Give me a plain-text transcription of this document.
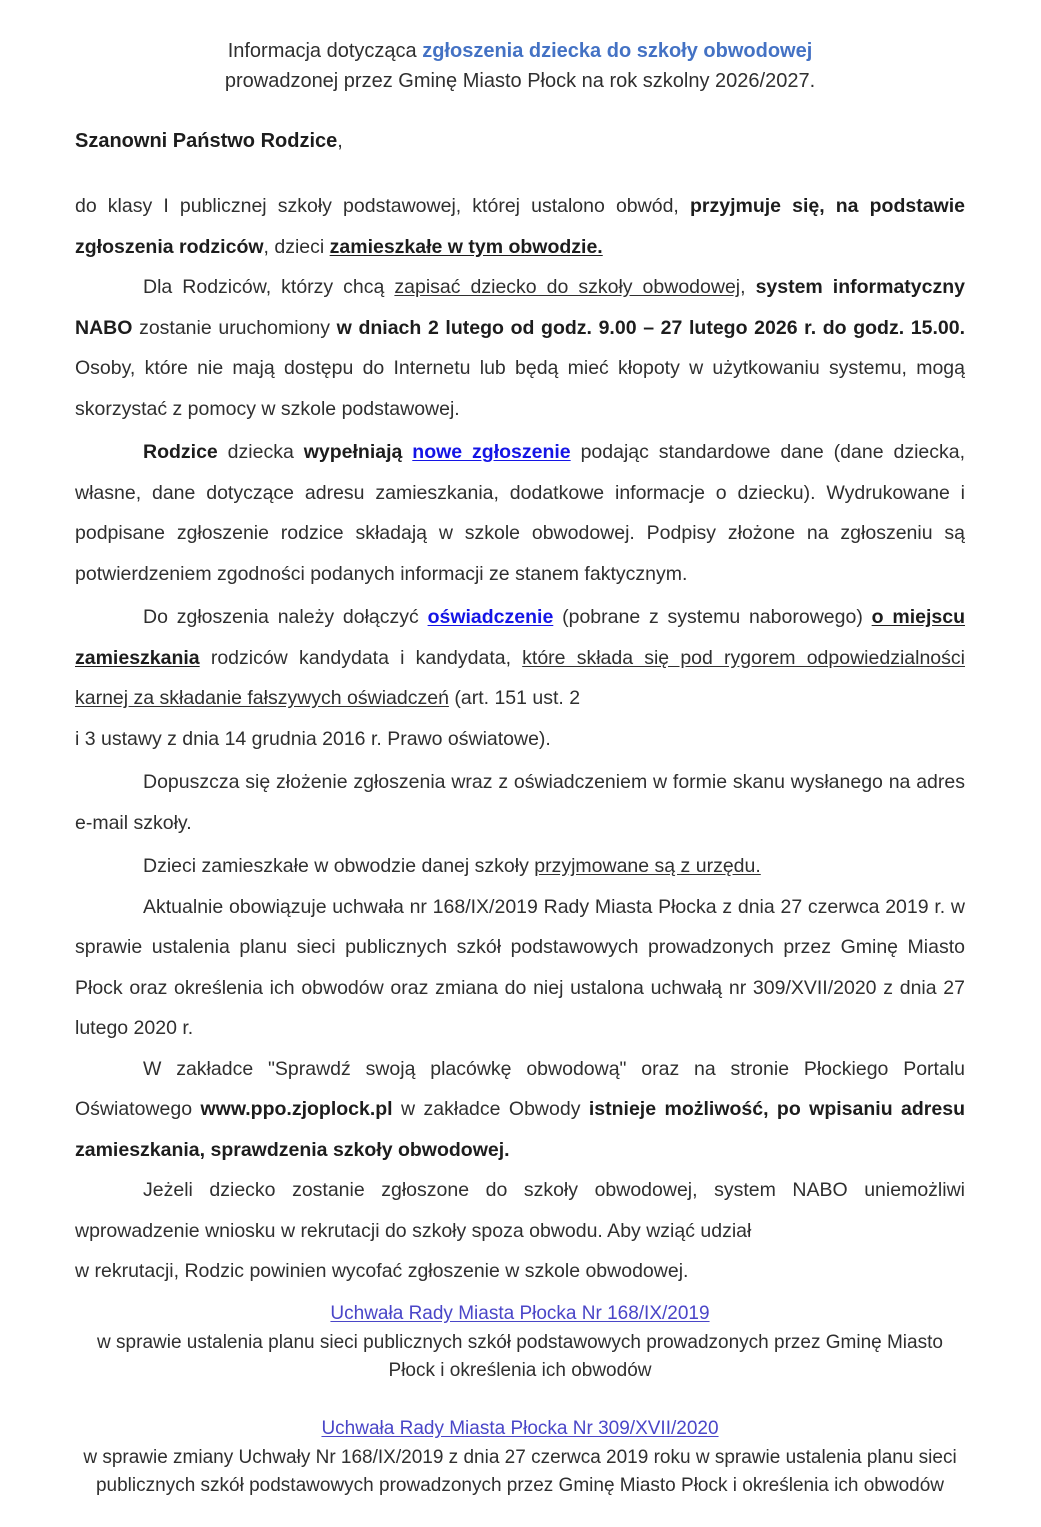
Informacja dotycząca zgłoszenia dziecka do szkoły obwodowej
prowadzonej przez Gminę Miasto Płock na rok szkolny 2026/2027.

Szanowni Państwo Rodzice,

do klasy I publicznej szkoły podstawowej, której ustalono obwód, przyjmuje się, na podstawie zgłoszenia rodziców, dzieci zamieszkałe w tym obwodzie.

Dla Rodziców, którzy chcą zapisać dziecko do szkoły obwodowej, system informatyczny NABO zostanie uruchomiony w dniach 2 lutego od godz. 9.00 – 27 lutego 2026 r. do godz. 15.00. Osoby, które nie mają dostępu do Internetu lub będą mieć kłopoty w użytkowaniu systemu, mogą skorzystać z pomocy w szkole podstawowej.

Rodzice dziecka wypełniają nowe zgłoszenie podając standardowe dane (dane dziecka, własne, dane dotyczące adresu zamieszkania, dodatkowe informacje o dziecku). Wydrukowane i podpisane zgłoszenie rodzice składają w szkole obwodowej. Podpisy złożone na zgłoszeniu są potwierdzeniem zgodności podanych informacji ze stanem faktycznym.

Do zgłoszenia należy dołączyć oświadczenie (pobrane z systemu naborowego) o miejscu zamieszkania rodziców kandydata i kandydata, które składa się pod rygorem odpowiedzialności karnej za składanie fałszywych oświadczeń (art. 151 ust. 2

i 3 ustawy z dnia 14 grudnia 2016 r. Prawo oświatowe).

Dopuszcza się złożenie zgłoszenia wraz z oświadczeniem w formie skanu wysłanego na adres e-mail szkoły.

Dzieci zamieszkałe w obwodzie danej szkoły przyjmowane są z urzędu.

Aktualnie obowiązuje uchwała nr 168/IX/2019 Rady Miasta Płocka z dnia 27 czerwca 2019 r. w sprawie ustalenia planu sieci publicznych szkół podstawowych prowadzonych przez Gminę Miasto Płock oraz określenia ich obwodów oraz zmiana do niej ustalona uchwałą nr 309/XVII/2020 z dnia 27 lutego 2020 r.

W zakładce "Sprawdź swoją placówkę obwodową" oraz na stronie Płockiego Portalu Oświatowego www.ppo.zjoplock.pl w zakładce Obwody istnieje możliwość, po wpisaniu adresu zamieszkania, sprawdzenia szkoły obwodowej.

Jeżeli dziecko zostanie zgłoszone do szkoły obwodowej, system NABO uniemożliwi wprowadzenie wniosku w rekrutacji do szkoły spoza obwodu. Aby wziąć udział

w rekrutacji, Rodzic powinien wycofać zgłoszenie w szkole obwodowej.

Uchwała Rady Miasta Płocka Nr 168/IX/2019
w sprawie ustalenia planu sieci publicznych szkół podstawowych prowadzonych przez Gminę Miasto Płock i określenia ich obwodów
Uchwała Rady Miasta Płocka Nr 309/XVII/2020
w sprawie zmiany Uchwały Nr 168/IX/2019 z dnia 27 czerwca 2019 roku w sprawie ustalenia planu sieci publicznych szkół podstawowych prowadzonych przez Gminę Miasto Płock i określenia ich obwodów
